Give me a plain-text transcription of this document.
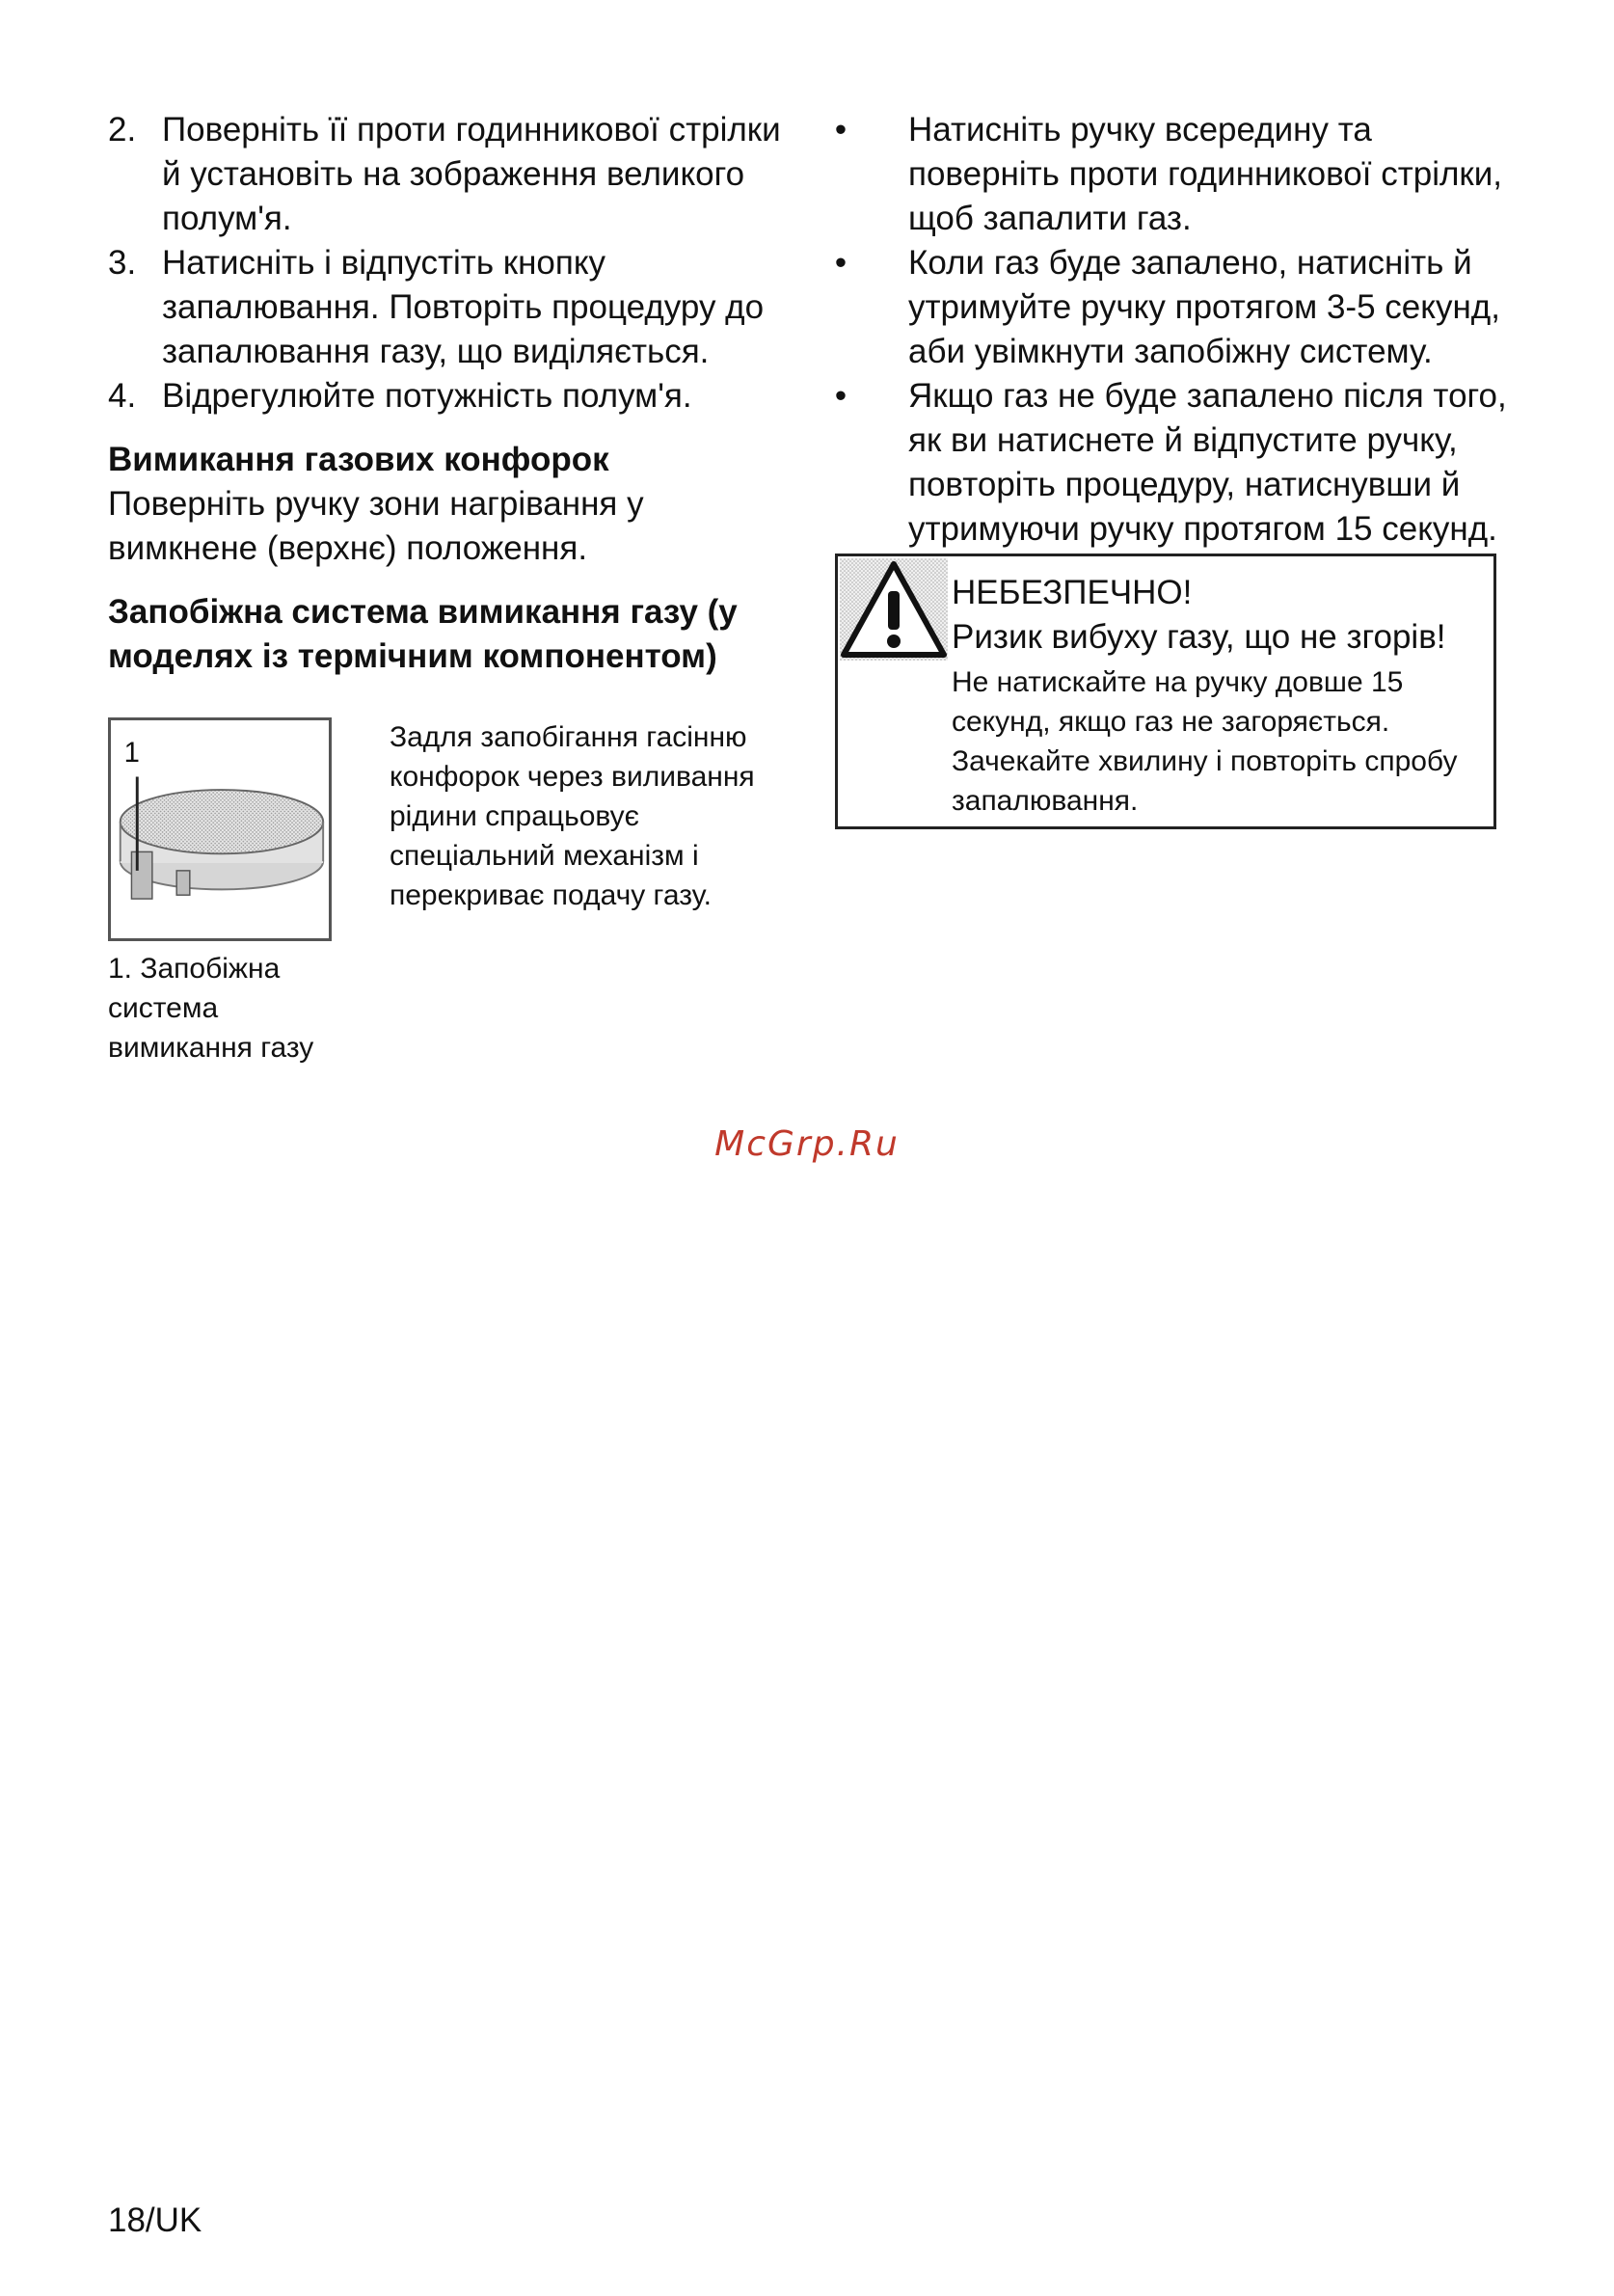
2. Поверніть її проти годинникової стрілки й установіть на зображення великого полум'я.
3. Натисніть і відпустіть кнопку запалювання. Повторіть процедуру до запалювання газу, що виділяється.
4. Відрегулюйте потужність полум'я.
Вимикання газових конфорок
Поверніть ручку зони нагрівання у вимкнене (верхнє) положення.
Запобіжна система вимикання газу (у моделях із термічним компонентом)
1
1. Запобіжна система вимикання газу
Задля запобігання гасінню конфорок через виливання рідини спрацьовує спеціальний механізм і перекриває подачу газу.
• Натисніть ручку всередину та поверніть проти годинникової стрілки, щоб запалити газ.
• Коли газ буде запалено, натисніть й утримуйте ручку протягом 3-5 секунд, аби увімкнути запобіжну систему.
• Якщо газ не буде запалено після того, як ви натиснете й відпустите ручку, повторіть процедуру, натиснувши й утримуючи ручку протягом 15 секунд.
НЕБЕЗПЕЧНО!
Ризик вибуху газу, що не згорів!
Не натискайте на ручку довше 15 секунд, якщо газ не загоряється. Зачекайте хвилину і повторіть спробу запалювання.
McGrp.Ru
18/UK
